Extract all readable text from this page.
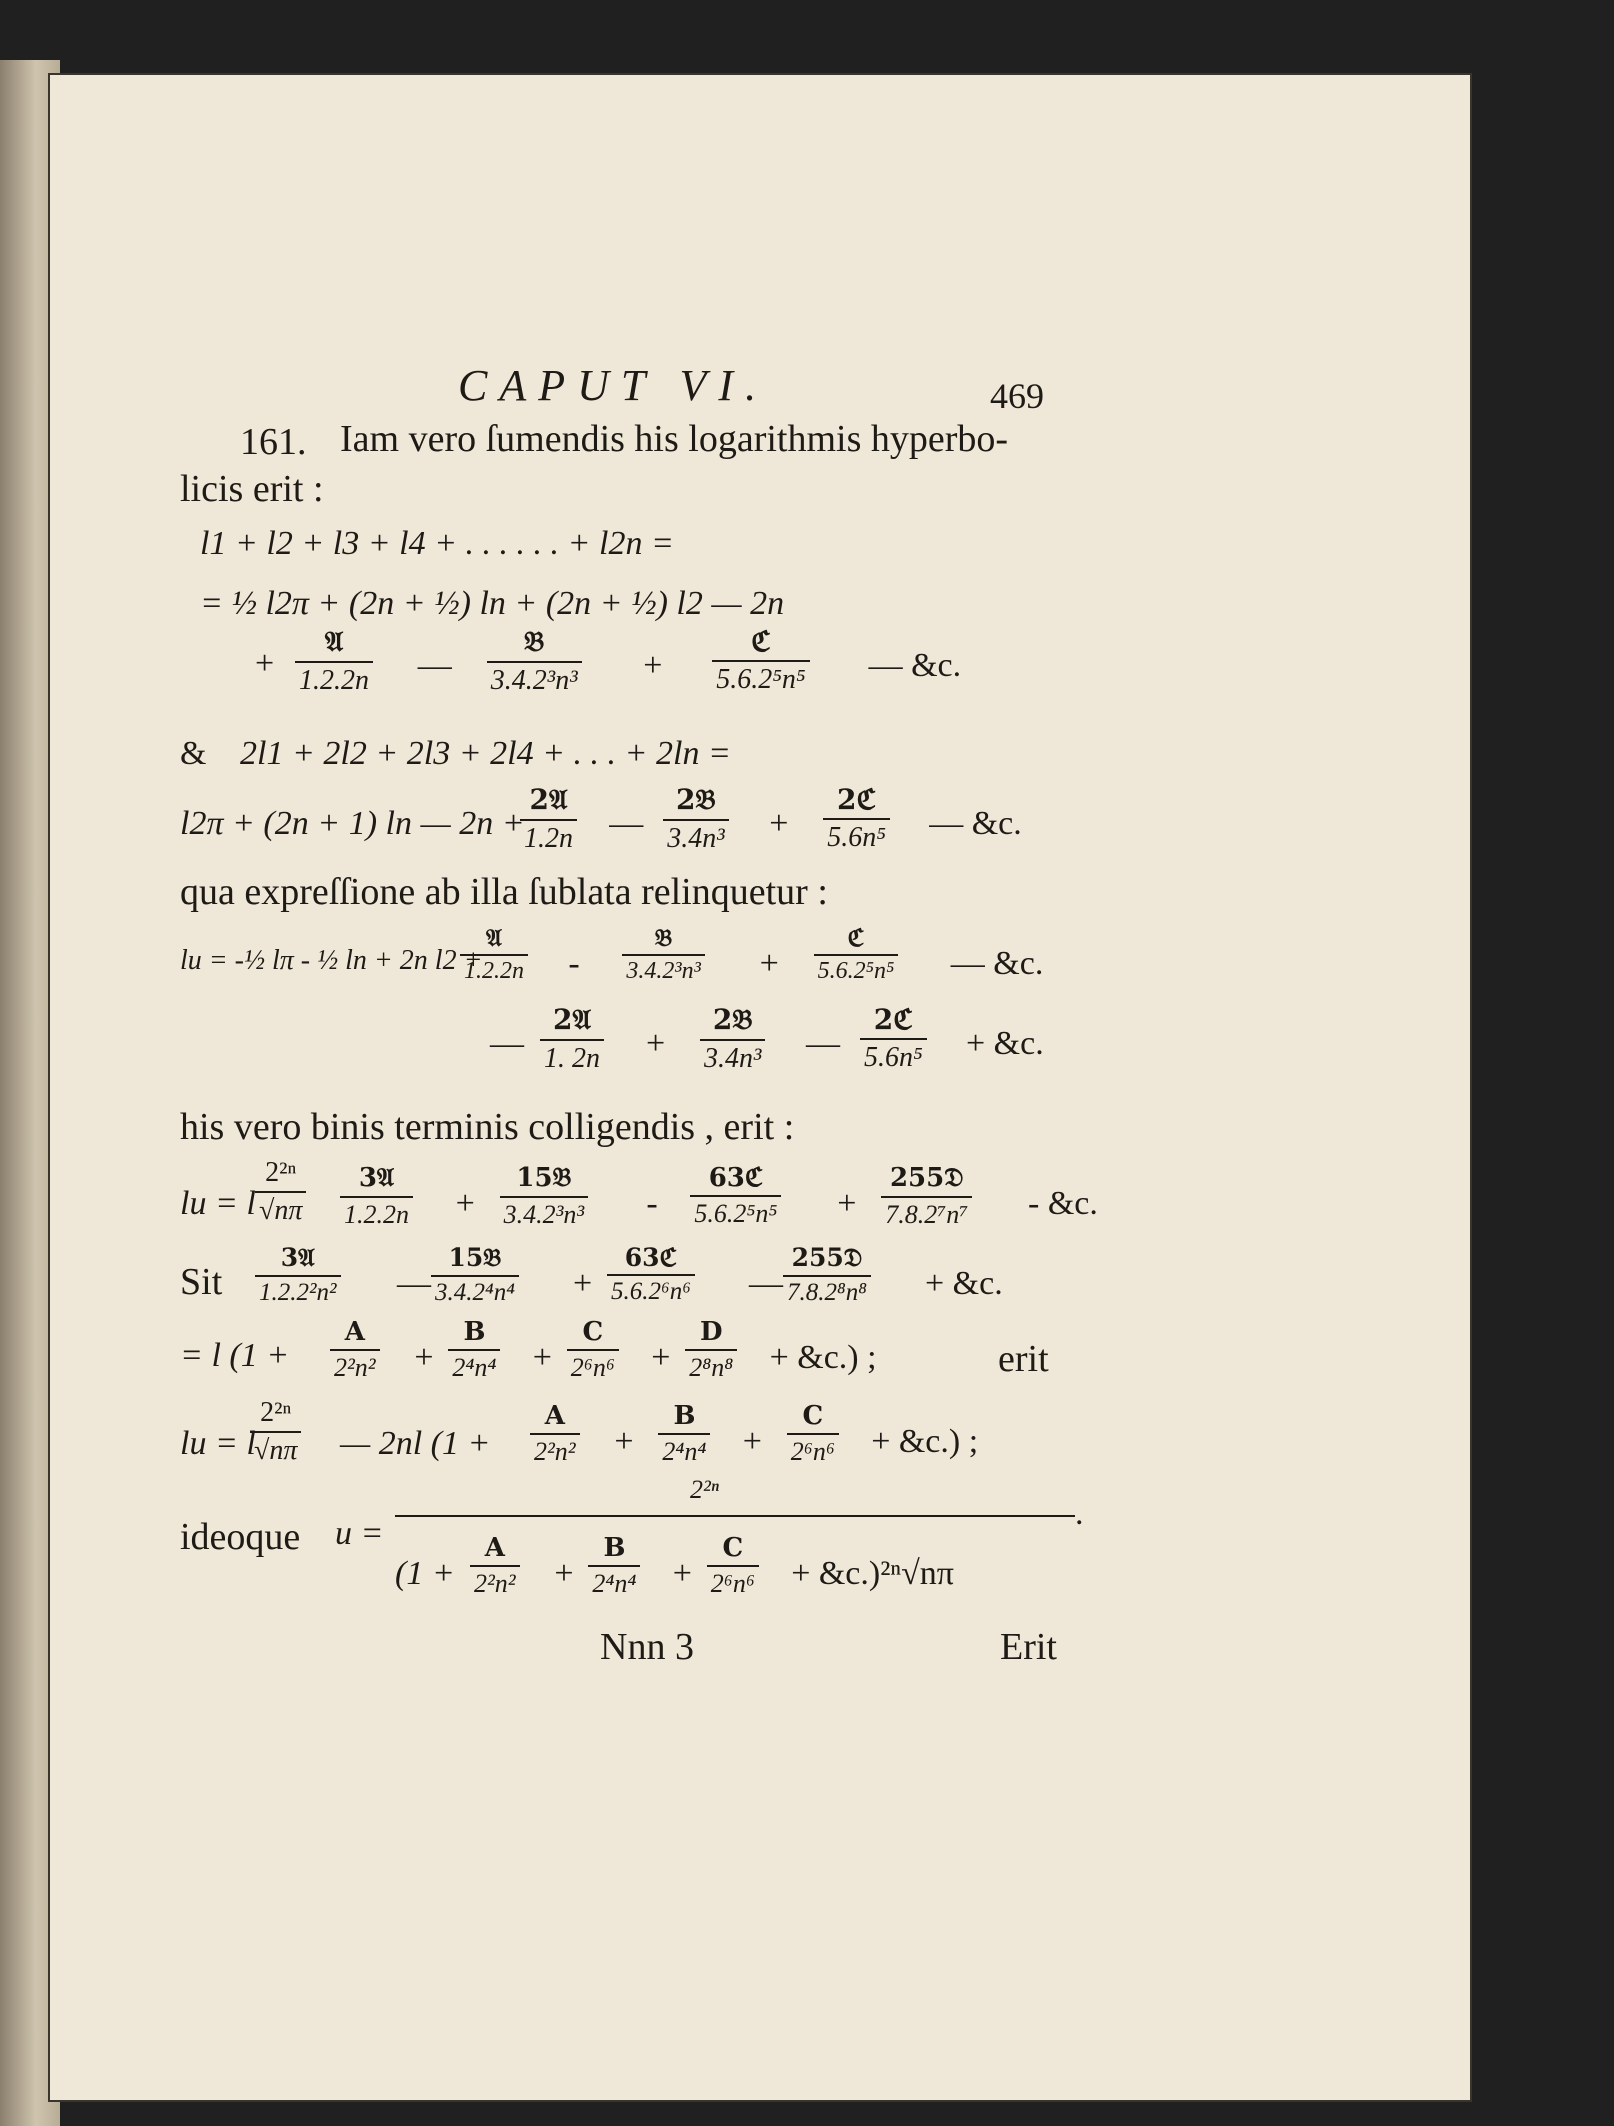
CAPUT VI.	469
161. Iam vero ſumendis his logarithmis hyperbo-
licis erit :
l1 + l2 + l3 + l4 + . . . . . . + l2n =
= ½ l2π + (2n + ½) ln + (2n + ½) l2 — 2n
+
𝔄
1.2.2n —
𝔅
3.4.2³n³ +
ℭ
5.6.2⁵n⁵ — &c.
& 2l1 + 2l2 + 2l3 + 2l4 + . . . + 2ln =
l2π + (2n + 1) ln — 2n +
2𝔄
1.2n —
2𝔅
3.4n³ +
2ℭ
5.6n⁵ — &c.
qua expreſſione ab illa ſublata relinquetur :
lu = -½ lπ - ½ ln + 2n l2 +
𝔄
1.2.2n -
𝔅
3.4.2³n³ +
ℭ
5.6.2⁵n⁵ — &c.
—
2𝔄
1. 2n +
2𝔅
3.4n³ —
2ℭ
5.6n⁵ + &c.
his vero binis terminis colligendis , erit :
lu = l $\frac{\text{2²ⁿ}}{√n\pi}$	3𝔄
1.2.2n +
15𝔅
3.4.2³n³ -
63ℭ
5.6.2⁵n⁵ +
255𝔇
7.8.2⁷n⁷ - &c.
Sit
3𝔄
1.2.2²n² —
15𝔅
3.4.2⁴n⁴ +
63ℭ
5.6.2⁶n⁶ —
255𝔇
7.8.2⁸n⁸ + &c.
= l ($1 + \frac{A}{\text{2²n²}} + \frac{B}{\text{2⁴n⁴}} + \frac{C}{\text{2⁶n⁶}} + \frac{D}{\text{2⁸n⁸}}$ + &c.) ;	erit
lu = l
$\frac{\text{2²ⁿ}}{√n\pi}$ — 2nl ($1 + \frac{A}{\text{2²n²}} + \frac{B}{\text{2⁴n⁴}} + \frac{C}{\text{2⁶n⁶}}$ + &c.) ;
ideoque u =
2²ⁿ
.
($1 + \frac{A}{\text{2²n²}} + \frac{B}{\text{2⁴n⁴}} + \frac{C}{\text{2⁶n⁶}}$ + &c.)²ⁿ√nπ
Nnn 3	Erit
